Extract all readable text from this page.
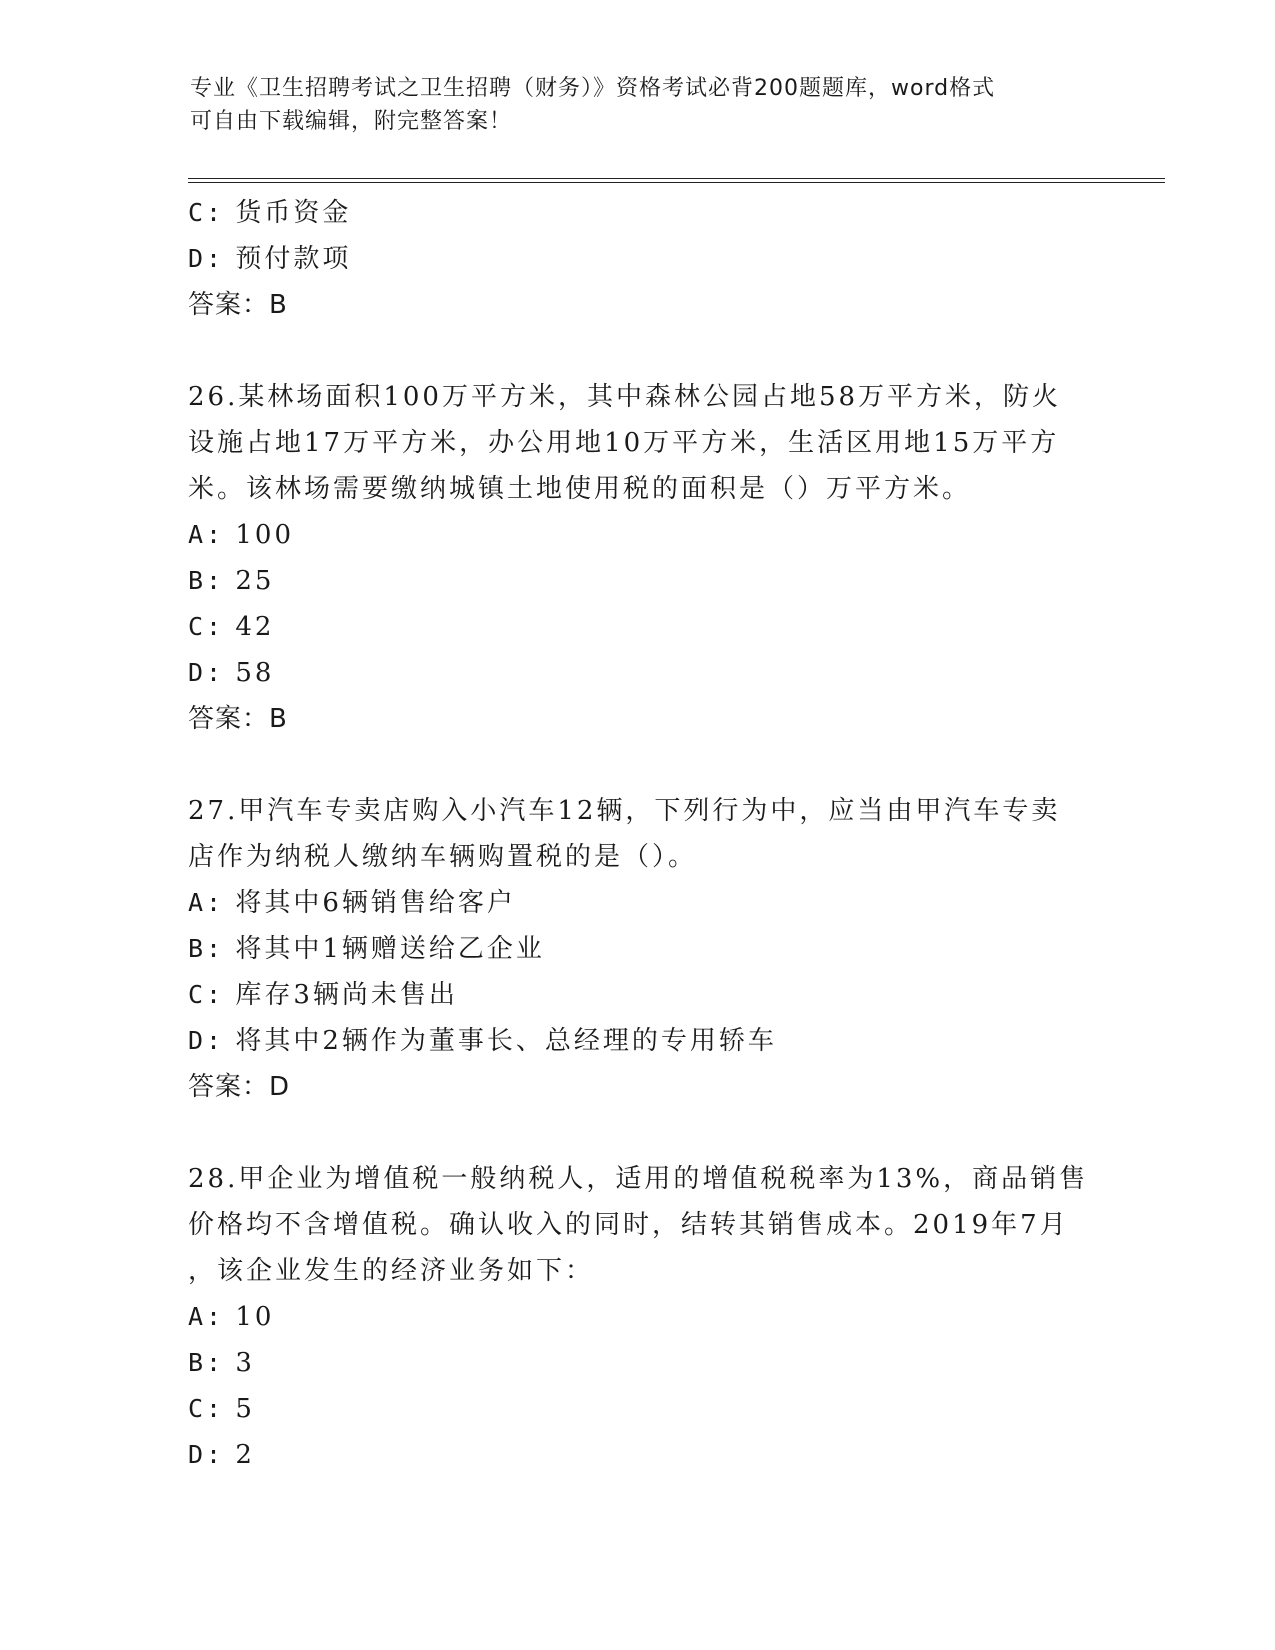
专业《卫生招聘考试之卫生招聘（财务）》资格考试必背200题题库，word格式
可自由下载编辑，附完整答案！
C: 货币资金
D: 预付款项
答案：B
26.某林场面积100万平方米，其中森林公园占地58万平方米，防火
设施占地17万平方米，办公用地10万平方米，生活区用地15万平方
米。该林场需要缴纳城镇土地使用税的面积是（）万平方米。
A: 100
B: 25
C: 42
D: 58
答案：B
27.甲汽车专卖店购入小汽车12辆，下列行为中，应当由甲汽车专卖
店作为纳税人缴纳车辆购置税的是（）。
A: 将其中6辆销售给客户
B: 将其中1辆赠送给乙企业
C: 库存3辆尚未售出
D: 将其中2辆作为董事长、总经理的专用轿车
答案：D
28.甲企业为增值税一般纳税人，适用的增值税税率为13%，商品销售
价格均不含增值税。确认收入的同时，结转其销售成本。2019年7月
，该企业发生的经济业务如下：
A: 10
B: 3
C: 5
D: 2
